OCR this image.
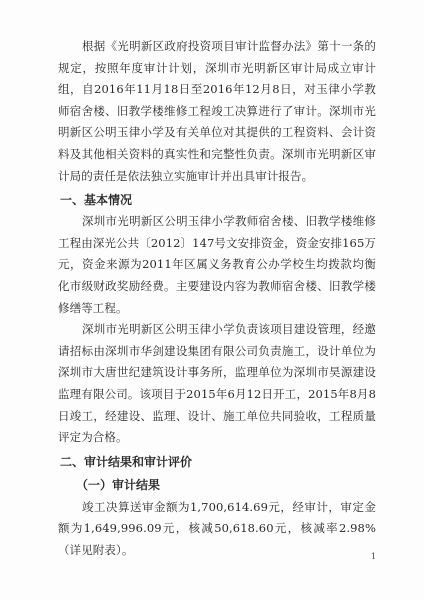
根据《光明新区政府投资项目审计监督办法》第十一条的规定，按照年度审计计划，深圳市光明新区审计局成立审计组，自2016年11月18日至2016年12月8日，对玉律小学教师宿舍楼、旧教学楼维修工程竣工决算进行了审计。深圳市光明新区公明玉律小学及有关单位对其提供的工程资料、会计资料及其他相关资料的真实性和完整性负责。深圳市光明新区审计局的责任是依法独立实施审计并出具审计报告。

一、基本情况

深圳市光明新区公明玉律小学教师宿舍楼、旧教学楼维修工程由深光公共〔2012〕147号文安排资金，资金安排165万元，资金来源为2011年区属义务教育公办学校生均拨款均衡化市级财政奖励经费。主要建设内容为教师宿舍楼、旧教学楼修缮等工程。

深圳市光明新区公明玉律小学负责该项目建设管理，经邀请招标由深圳市华剑建设集团有限公司负责施工，设计单位为深圳市大唐世纪建筑设计事务所，监理单位为深圳市昊源建设监理有限公司。该项目于2015年6月12日开工，2015年8月8日竣工，经建设、监理、设计、施工单位共同验收，工程质量评定为合格。

二、审计结果和审计评价
（一）审计结果

竣工决算送审金额为1,700,614.69元，经审计，审定金额为1,649,996.09元，核减50,618.60元，核减率2.98%（详见附表）。	1
